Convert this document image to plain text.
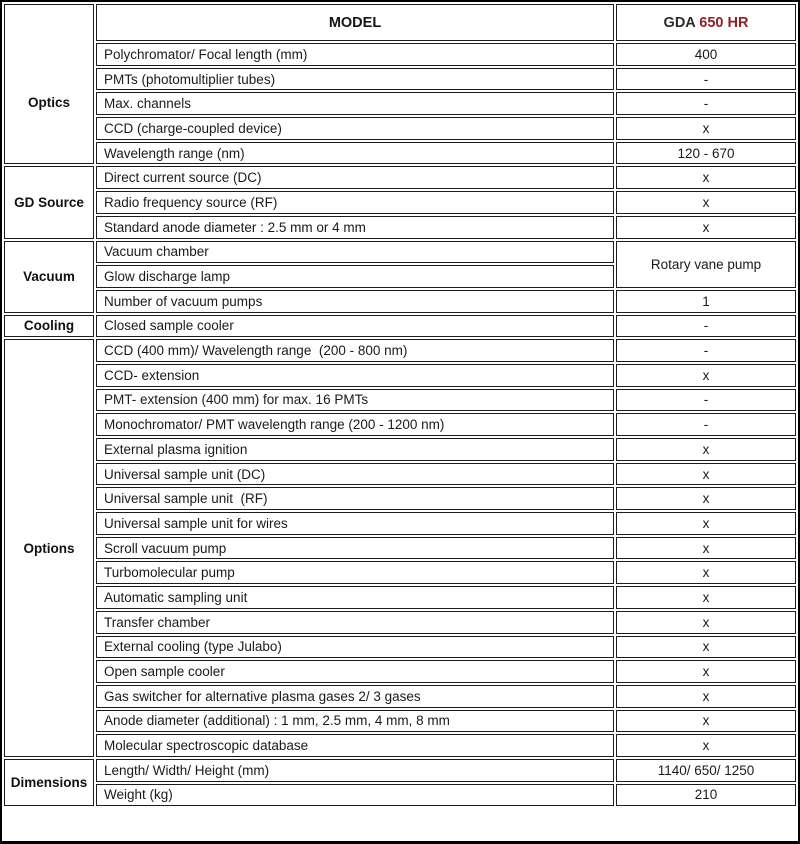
Optics	MODEL	GDA 650 HR
	Polychromator/ Focal length (mm)	400
	PMTs (photomultiplier tubes)	-
	Max. channels	-
	CCD (charge-coupled device)	x
	Wavelength range (nm)	120 - 670
GD Source	Direct current source (DC)	x
	Radio frequency source (RF)	x
	Standard anode diameter : 2.5 mm or 4 mm	x
Vacuum	Vacuum chamber	Rotary vane pump
	Glow discharge lamp	
	Number of vacuum pumps	1
Cooling	Closed sample cooler	-
Options	CCD (400 mm)/ Wavelength range  (200 - 800 nm)	-
	CCD- extension	x
	PMT- extension (400 mm) for max. 16 PMTs	-
	Monochromator/ PMT wavelength range (200 - 1200 nm)	-
	External plasma ignition	x
	Universal sample unit (DC)	x
	Universal sample unit  (RF)	x
	Universal sample unit for wires	x
	Scroll vacuum pump	x
	Turbomolecular pump	x
	Automatic sampling unit	x
	Transfer chamber	x
	External cooling (type Julabo)	x
	Open sample cooler	x
	Gas switcher for alternative plasma gases 2/ 3 gases	x
	Anode diameter (additional) : 1 mm, 2.5 mm, 4 mm, 8 mm	x
	Molecular spectroscopic database	x
Dimensions	Length/ Width/ Height (mm)	1140/ 650/ 1250
	Weight (kg)	210
